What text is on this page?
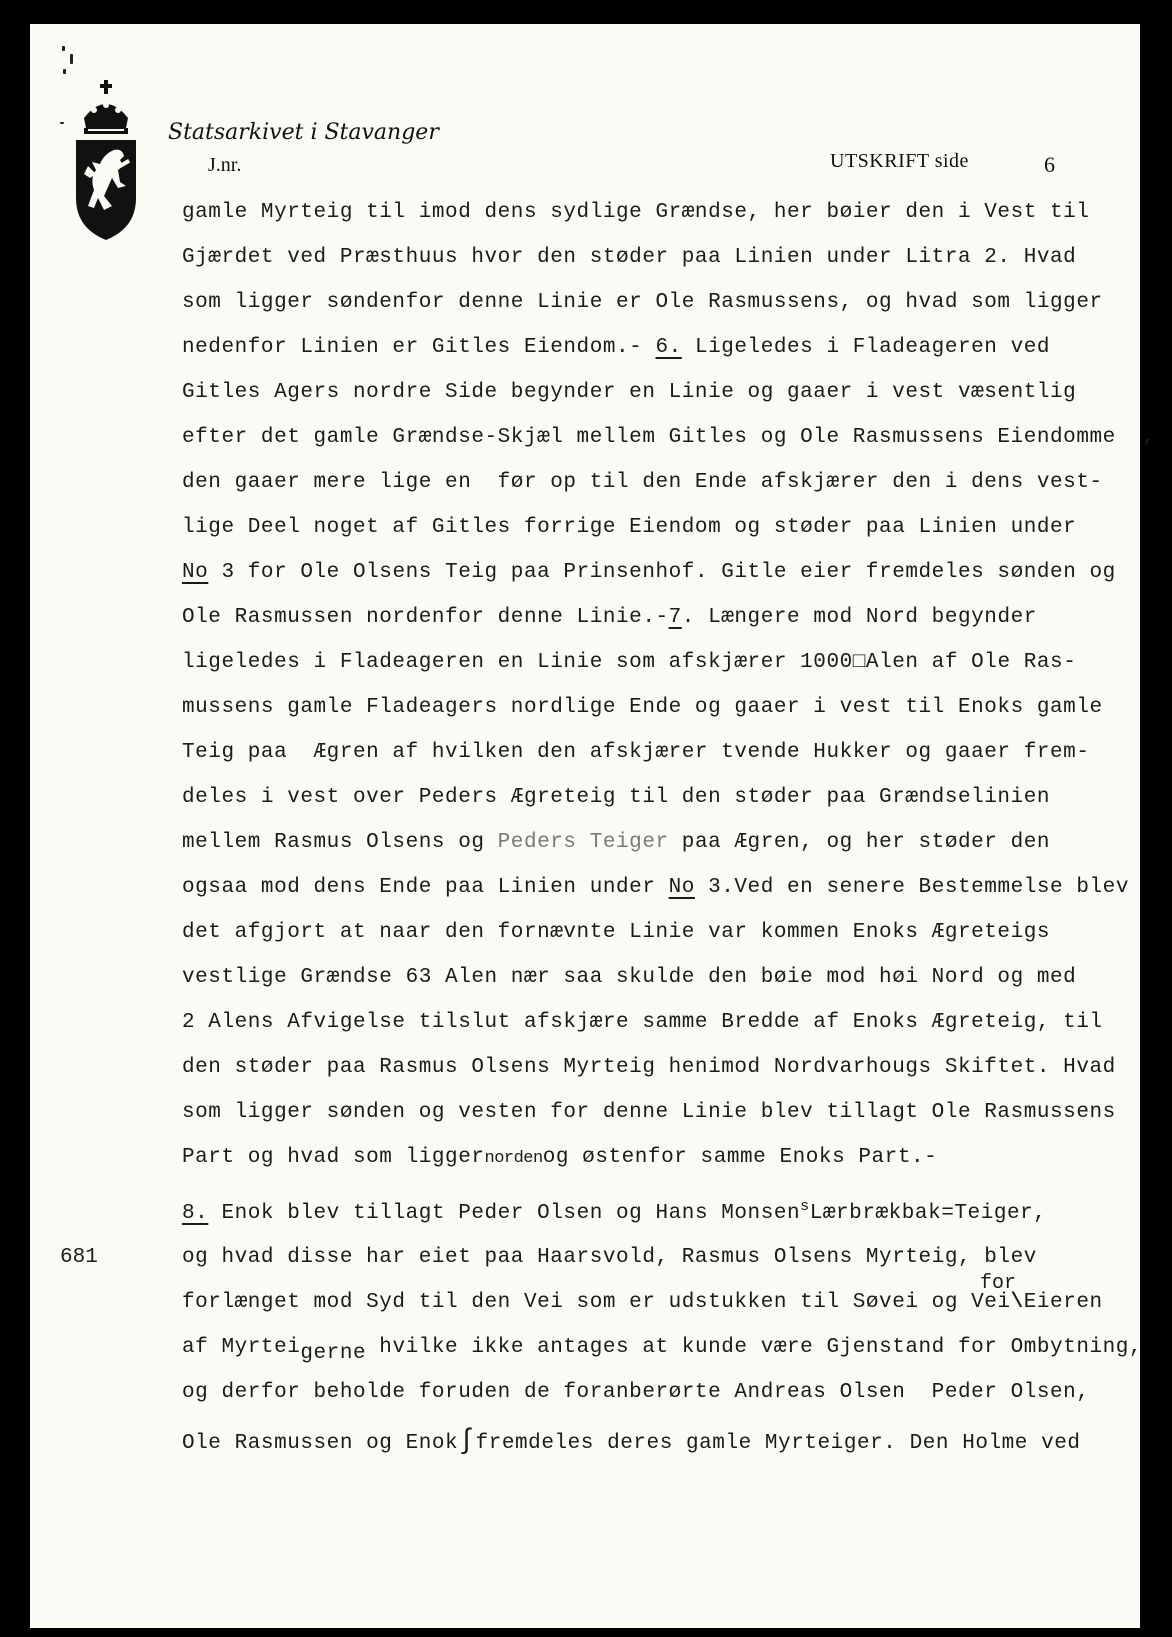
Statsarkivet i Stavanger
J.nr.	UTSKRIFT side	6
gamle Myrteig til imod dens sydlige Grændse, her bøier den i Vest til
Gjærdet ved Præsthuus hvor den støder paa Linien under Litra 2. Hvad
som ligger søndenfor denne Linie er Ole Rasmussens, og hvad som ligger
nedenfor Linien er Gitles Eiendom.- 6. Ligeledes i Fladeageren ved
Gitles Agers nordre Side begynder en Linie og gaaer i vest væsentlig
efter det gamle Grændse-Skjæl mellem Gitles og Ole Rasmussens Eiendomme  ,
den gaaer mere lige en  før op til den Ende afskjærer den i dens vest-
lige Deel noget af Gitles forrige Eiendom og støder paa Linien under
No 3 for Ole Olsens Teig paa Prinsenhof. Gitle eier fremdeles sønden og
Ole Rasmussen nordenfor denne Linie.-7. Længere mod Nord begynder
ligeledes i Fladeageren en Linie som afskjærer 1000□Alen af Ole Ras-
mussens gamle Fladeagers nordlige Ende og gaaer i vest til Enoks gamle
Teig paa  Ægren af hvilken den afskjærer tvende Hukker og gaaer frem-
deles i vest over Peders Ægreteig til den støder paa Grændselinien
mellem Rasmus Olsens og Peders Teiger paa Ægren, og her støder den
ogsaa mod dens Ende paa Linien under No 3.Ved en senere Bestemmelse blev
det afgjort at naar den fornævnte Linie var kommen Enoks Ægreteigs
vestlige Grændse 63 Alen nær saa skulde den bøie mod høi Nord og med
2 Alens Afvigelse tilslut afskjære samme Bredde af Enoks Ægreteig, til
den støder paa Rasmus Olsens Myrteig henimod Nordvarhougs Skiftet. Hvad
som ligger sønden og vesten for denne Linie blev tillagt Ole Rasmussens
Part og hvad som liggernordenog østenfor samme Enoks Part.-
8. Enok blev tillagt Peder Olsen og Hans Monsen$^s$Lærbrækbak=Teiger,
681	og hvad disse har eiet paa Haarsvold, Rasmus Olsens Myrteig, blev
for
forlænget mod Syd til den Vei som er udstukken til Søvei og Vei\Eieren
af Myrteigerne hvilke ikke antages at kunde være Gjenstand for Ombytning,
og derfor beholde foruden de foranberørte Andreas Olsen  Peder Olsen,
Ole Rasmussen og Enok∫fremdeles deres gamle Myrteiger. Den Holme ved
